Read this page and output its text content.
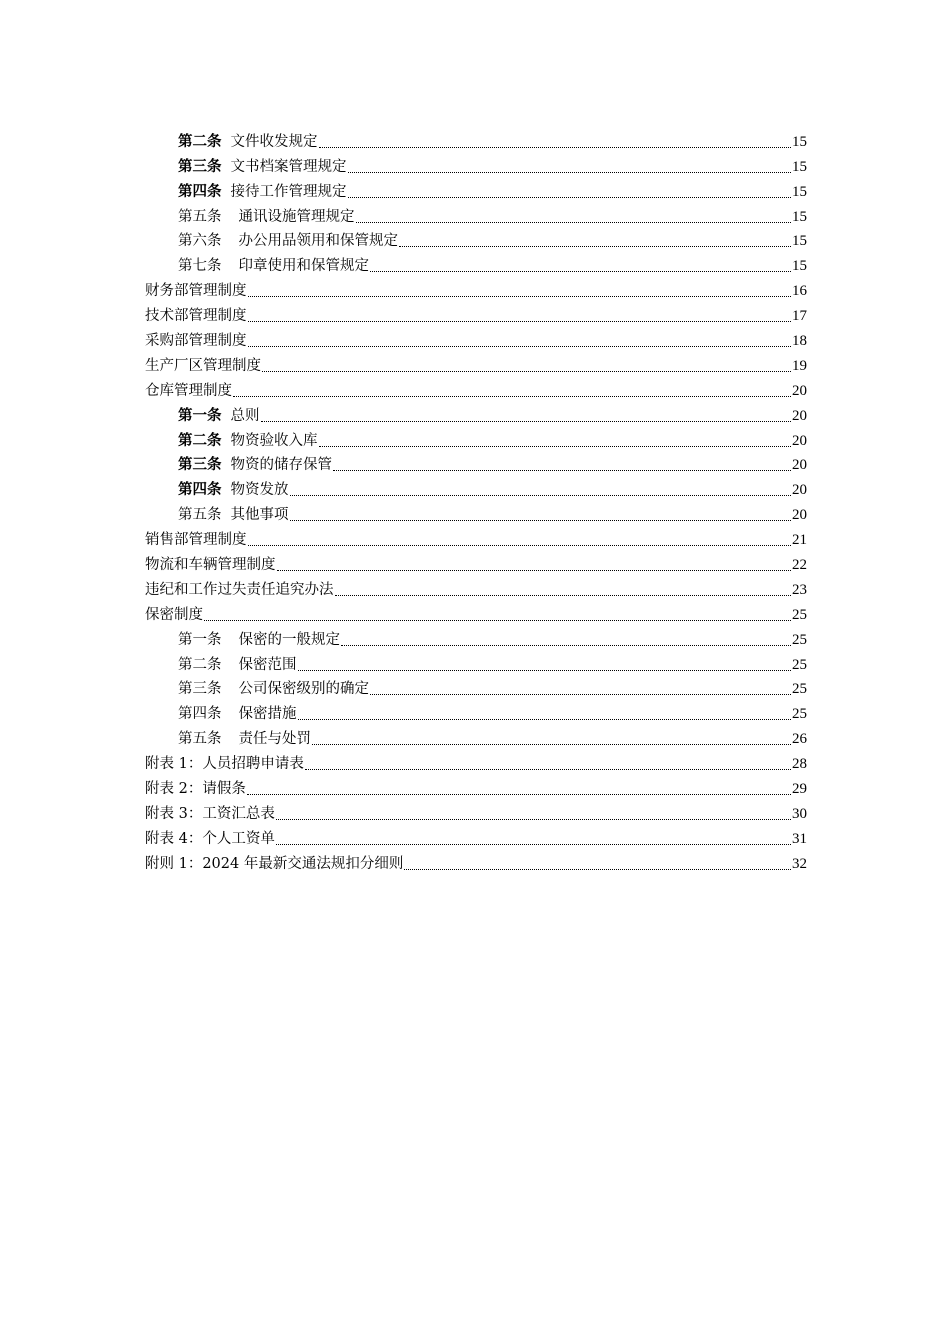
第二条 文件收发规定	15
第三条 文书档案管理规定	15
第四条 接待工作管理规定	15
第五条 通讯设施管理规定	15
第六条 办公用品领用和保管规定	15
第七条 印章使用和保管规定	15
财务部管理制度	16
技术部管理制度	17
采购部管理制度	18
生产厂区管理制度	19
仓库管理制度	20
第一条 总则	20
第二条 物资验收入库	20
第三条 物资的储存保管	20
第四条 物资发放	20
第五条 其他事项	20
销售部管理制度	21
物流和车辆管理制度	22
违纪和工作过失责任追究办法	23
保密制度	25
第一条 保密的一般规定	25
第二条 保密范围	25
第三条 公司保密级别的确定	25
第四条 保密措施	25
第五条 责任与处罚	26
附表 1：人员招聘申请表	28
附表 2：请假条	29
附表 3：工资汇总表	30
附表 4：个人工资单	31
附则 1：2024 年最新交通法规扣分细则	32
